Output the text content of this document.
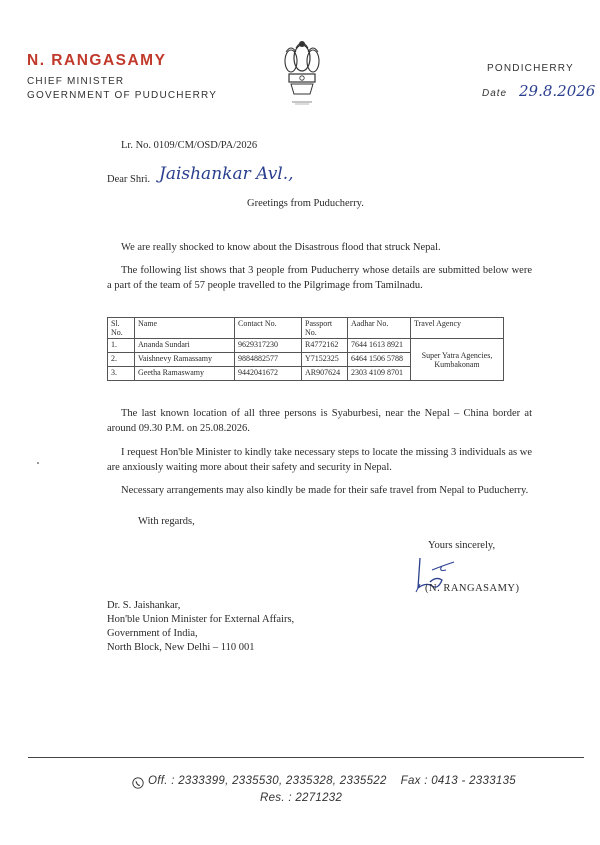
N. RANGASAMY
CHIEF MINISTER
GOVERNMENT OF PUDUCHERRY
PONDICHERRY
Date 29.8.2026
Lr. No. 0109/CM/OSD/PA/2026
Dear Shri. Jaishankar Avl.,
Greetings from Puducherry.
We are really shocked to know about the Disastrous flood that struck Nepal.
The following list shows that 3 people from Puducherry whose details are submitted below were a part of the team of 57 people travelled to the Pilgrimage from Tamilnadu.
Sl. No.	Name	Contact No.	Passport No.	Aadhar No.	Travel Agency
1.	Ananda Sundari	9629317230	R4772162	7644 1613 8921	Super Yatra Agencies, Kumbakonam
2.	Vaishnevy Ramassamy	9884882577	Y7152325	6464 1506 5788	
3.	Geetha Ramaswamy	9442041672	AR907624	2303 4109 8701	
The last known location of all three persons is Syaburbesi, near the Nepal – China border at around 09.30 P.M. on 25.08.2026.
I request Hon'ble Minister to kindly take necessary steps to locate the missing 3 individuals as we are anxiously waiting more about their safety and security in Nepal.
Necessary arrangements may also kindly be made for their safe travel from Nepal to Puducherry.
With regards,
Yours sincerely,
(N. RANGASAMY)
Dr. S. Jaishankar,
Hon'ble Union Minister for External Affairs,
Government of India,
North Block, New Delhi – 110 001
Off. : 2333399, 2335530, 2335328, 2335522    Fax : 0413 - 2333135
Res. : 2271232
